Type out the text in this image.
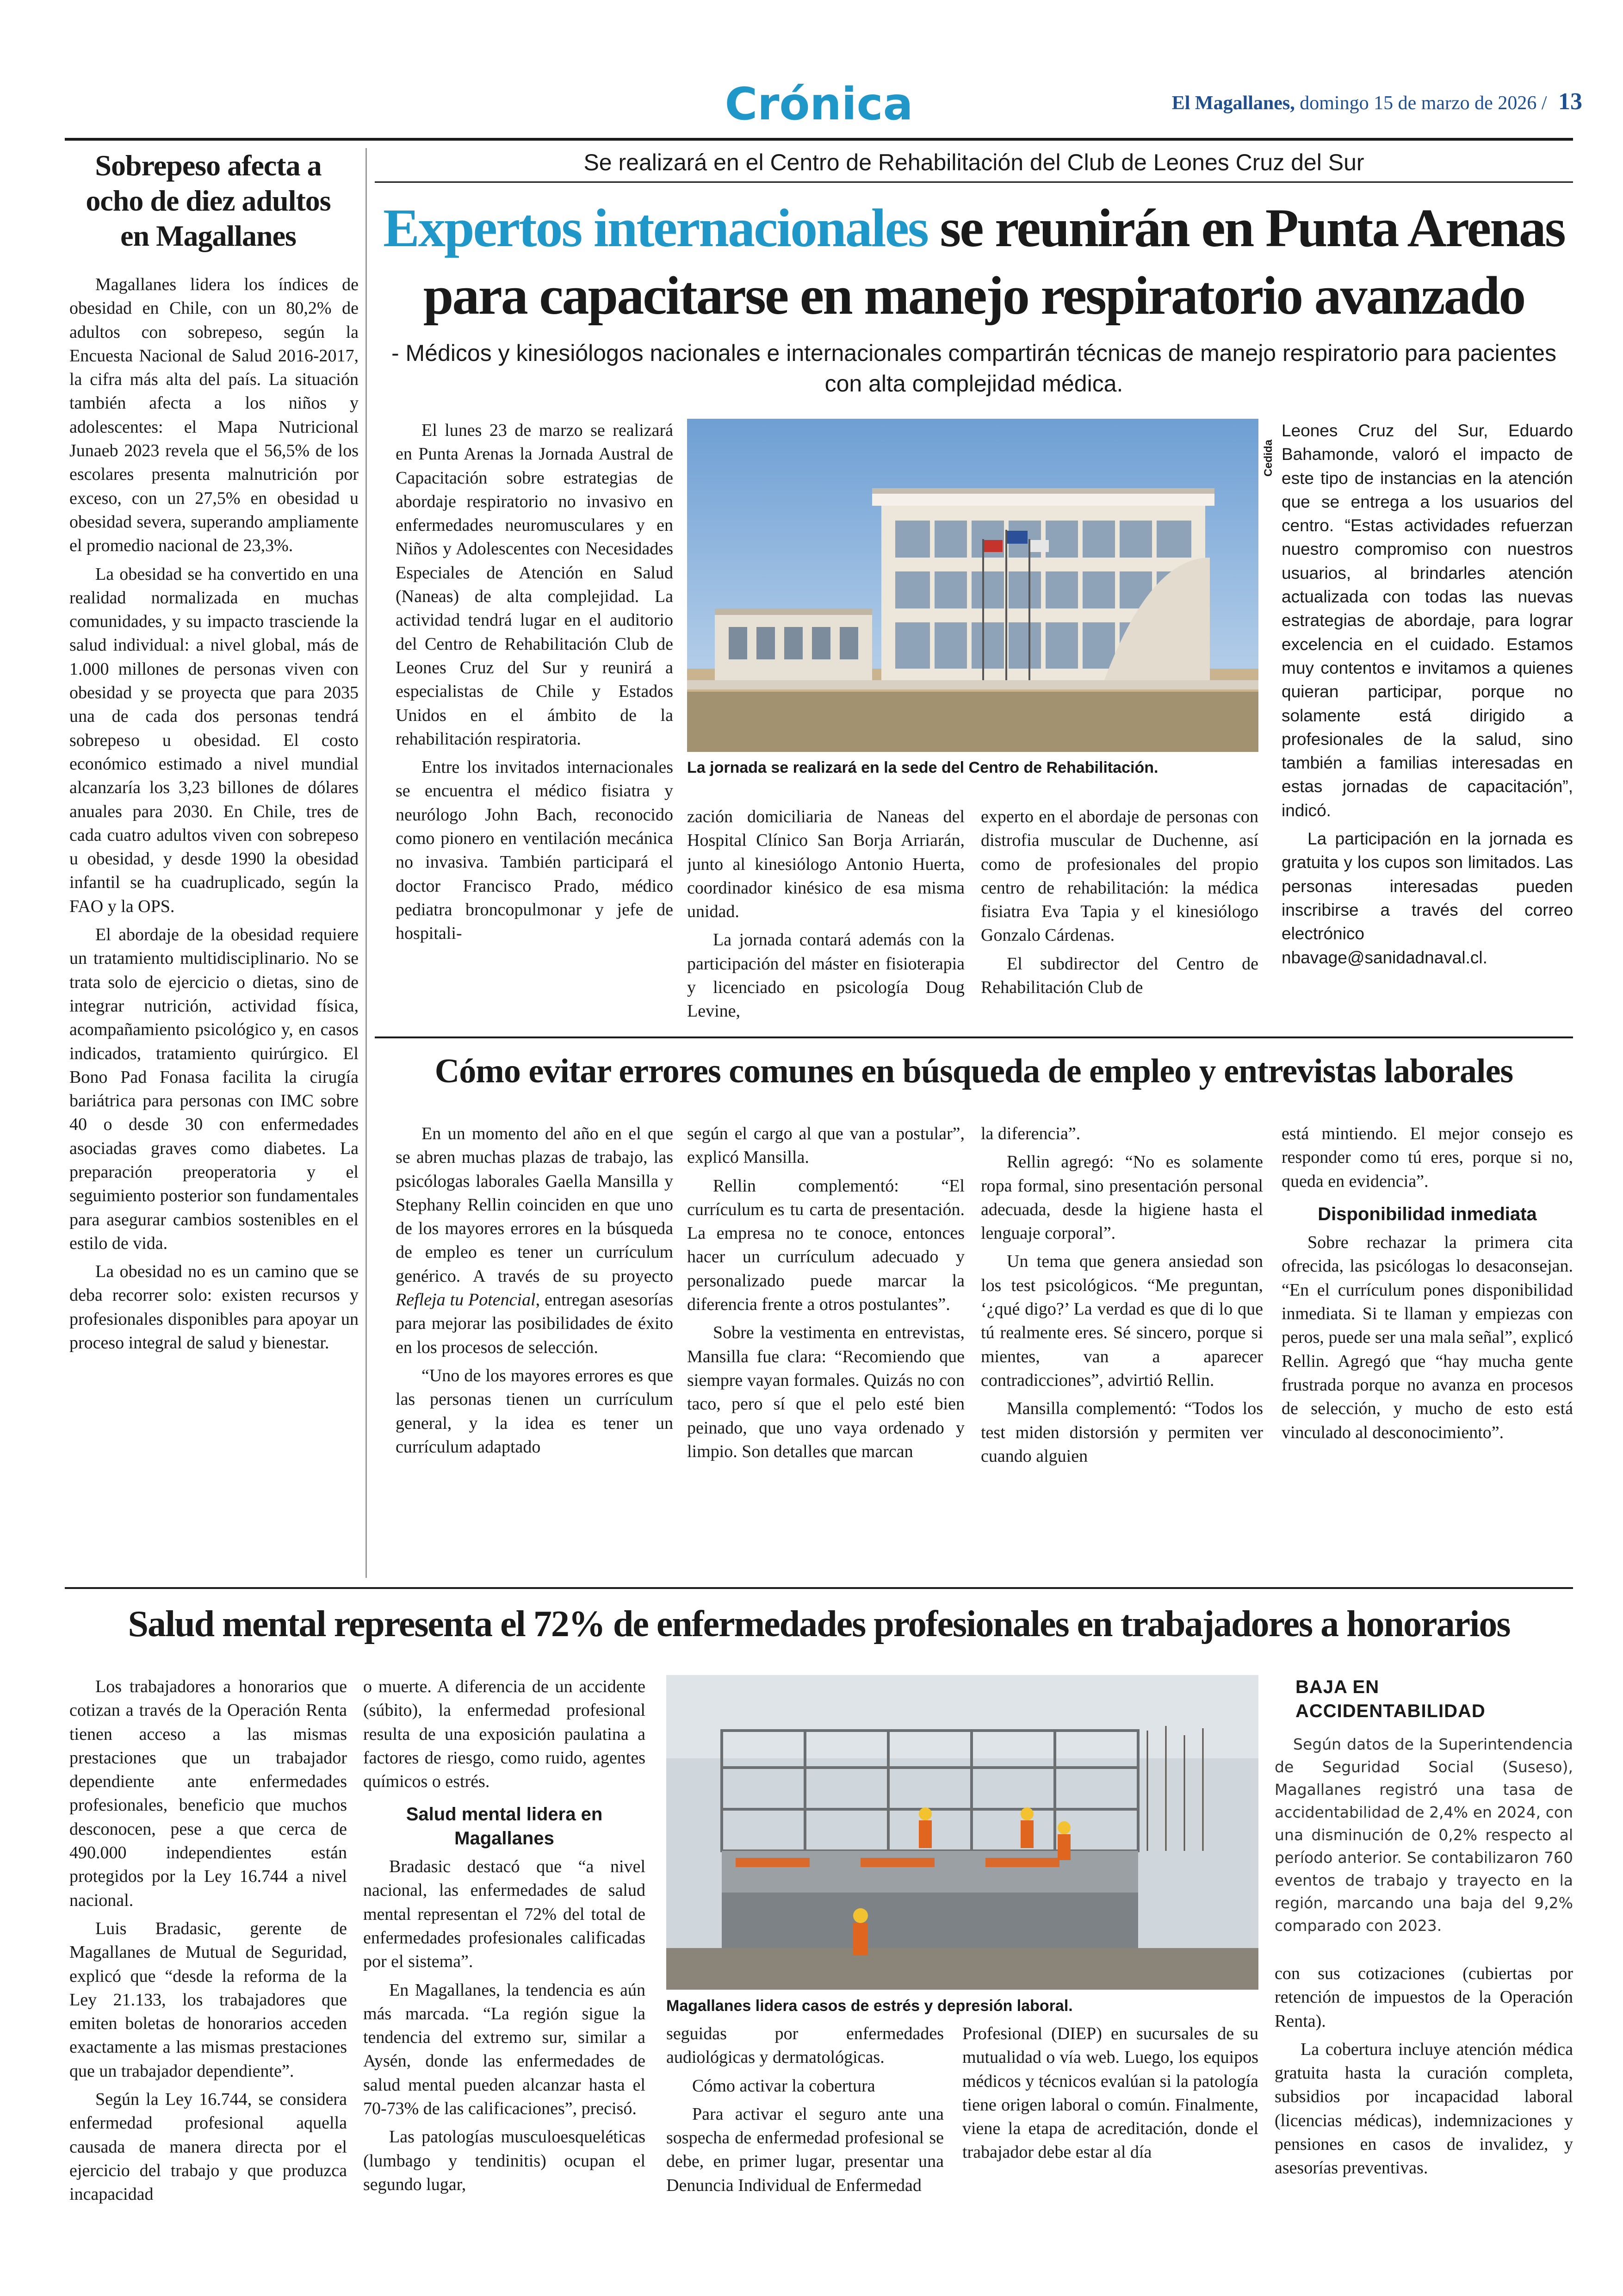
Crónica	El Magallanes, domingo 15 de marzo de 2026 / 13
Sobrepeso afecta a ocho de diez adultos en Magallanes

Magallanes lidera los índices de obesidad en Chile, con un 80,2% de adultos con sobrepeso, según la Encuesta Nacional de Salud 2016-2017, la cifra más alta del país. La situación también afecta a los niños y adolescentes: el Mapa Nutricional Junaeb 2023 revela que el 56,5% de los escolares presenta malnutrición por exceso, con un 27,5% en obesidad u obesidad severa, superando ampliamente el promedio nacional de 23,3%.

La obesidad se ha convertido en una realidad normalizada en muchas comunidades, y su impacto trasciende la salud individual: a nivel global, más de 1.000 millones de personas viven con obesidad y se proyecta que para 2035 una de cada dos personas tendrá sobrepeso u obesidad. El costo económico estimado a nivel mundial alcanzaría los 3,23 billones de dólares anuales para 2030. En Chile, tres de cada cuatro adultos viven con sobrepeso u obesidad, y desde 1990 la obesidad infantil se ha cuadruplicado, según la FAO y la OPS.

El abordaje de la obesidad requiere un tratamiento multidisciplinario. No se trata solo de ejercicio o dietas, sino de integrar nutrición, actividad física, acompañamiento psicológico y, en casos indicados, tratamiento quirúrgico. El Bono Pad Fonasa facilita la cirugía bariátrica para personas con IMC sobre 40 o desde 30 con enfermedades asociadas graves como diabetes. La preparación preoperatoria y el seguimiento posterior son fundamentales para asegurar cambios sostenibles en el estilo de vida.

La obesidad no es un camino que se deba recorrer solo: existen recursos y profesionales disponibles para apoyar un proceso integral de salud y bienestar.

Se realizará en el Centro de Rehabilitación del Club de Leones Cruz del Sur
Expertos internacionales se reunirán en Punta Arenas para capacitarse en manejo respiratorio avanzado
- Médicos y kinesiólogos nacionales e internacionales compartirán técnicas de manejo respiratorio para pacientes con alta complejidad médica.

El lunes 23 de marzo se realizará en Punta Arenas la Jornada Austral de Capacitación sobre estrategias de abordaje respiratorio no invasivo en enfermedades neuromusculares y en Niños y Adolescentes con Necesidades Especiales de Atención en Salud (Naneas) de alta complejidad. La actividad tendrá lugar en el auditorio del Centro de Rehabilitación Club de Leones Cruz del Sur y reunirá a especialistas de Chile y Estados Unidos en el ámbito de la rehabilitación respiratoria.

Entre los invitados internacionales se encuentra el médico fisiatra y neurólogo John Bach, reconocido como pionero en ventilación mecánica no invasiva. También participará el doctor Francisco Prado, médico pediatra broncopulmonar y jefe de hospitali-

Cedida
La jornada se realizará en la sede del Centro de Rehabilitación.

zación domiciliaria de Naneas del Hospital Clínico San Borja Arriarán, junto al kinesiólogo Antonio Huerta, coordinador kinésico de esa misma unidad.

La jornada contará además con la participación del máster en fisioterapia y licenciado en psicología Doug Levine,

experto en el abordaje de personas con distrofia muscular de Duchenne, así como de profesionales del propio centro de rehabilitación: la médica fisiatra Eva Tapia y el kinesiólogo Gonzalo Cárdenas.

El subdirector del Centro de Rehabilitación Club de

Leones Cruz del Sur, Eduardo Bahamonde, valoró el impacto de este tipo de instancias en la atención que se entrega a los usuarios del centro. “Estas actividades refuerzan nuestro compromiso con nuestros usuarios, al brindarles atención actualizada con todas las nuevas estrategias de abordaje, para lograr excelencia en el cuidado. Estamos muy contentos e invitamos a quienes quieran participar, porque no solamente está dirigido a profesionales de la salud, sino también a familias interesadas en estas jornadas de capacitación”, indicó.

La participación en la jornada es gratuita y los cupos son limitados. Las personas interesadas pueden inscribirse a través del correo electrónico nbavage@sanidadnaval.cl.

Cómo evitar errores comunes en búsqueda de empleo y entrevistas laborales

En un momento del año en el que se abren muchas plazas de trabajo, las psicólogas laborales Gaella Mansilla y Stephany Rellin coinciden en que uno de los mayores errores en la búsqueda de empleo es tener un currículum genérico. A través de su proyecto Refleja tu Potencial, entregan asesorías para mejorar las posibilidades de éxito en los procesos de selección.

“Uno de los mayores errores es que las personas tienen un currículum general, y la idea es tener un currículum adaptado

según el cargo al que van a postular”, explicó Mansilla.

Rellin complementó: “El currículum es tu carta de presentación. La empresa no te conoce, entonces hacer un currículum adecuado y personalizado puede marcar la diferencia frente a otros postulantes”.

Sobre la vestimenta en entrevistas, Mansilla fue clara: “Recomiendo que siempre vayan formales. Quizás no con taco, pero sí que el pelo esté bien peinado, que uno vaya ordenado y limpio. Son detalles que marcan

la diferencia”.

Rellin agregó: “No es solamente ropa formal, sino presentación personal adecuada, desde la higiene hasta el lenguaje corporal”.

Un tema que genera ansiedad son los test psicológicos. “Me preguntan, ‘¿qué digo?’ La verdad es que di lo que tú realmente eres. Sé sincero, porque si mientes, van a aparecer contradicciones”, advirtió Rellin.

Mansilla complementó: “Todos los test miden distorsión y permiten ver cuando alguien

está mintiendo. El mejor consejo es responder como tú eres, porque si no, queda en evidencia”.

Disponibilidad inmediata

Sobre rechazar la primera cita ofrecida, las psicólogas lo desaconsejan. “En el currículum pones disponibilidad inmediata. Si te llaman y empiezas con peros, puede ser una mala señal”, explicó Rellin. Agregó que “hay mucha gente frustrada porque no avanza en procesos de selección, y mucho de esto está vinculado al desconocimiento”.

Salud mental representa el 72% de enfermedades profesionales en trabajadores a honorarios

Los trabajadores a honorarios que cotizan a través de la Operación Renta tienen acceso a las mismas prestaciones que un trabajador dependiente ante enfermedades profesionales, beneficio que muchos desconocen, pese a que cerca de 490.000 independientes están protegidos por la Ley 16.744 a nivel nacional.

Luis Bradasic, gerente de Magallanes de Mutual de Seguridad, explicó que “desde la reforma de la Ley 21.133, los trabajadores que emiten boletas de honorarios acceden exactamente a las mismas prestaciones que un trabajador dependiente”.

Según la Ley 16.744, se considera enfermedad profesional aquella causada de manera directa por el ejercicio del trabajo y que produzca incapacidad

o muerte. A diferencia de un accidente (súbito), la enfermedad profesional resulta de una exposición paulatina a factores de riesgo, como ruido, agentes químicos o estrés.

Salud mental lidera en Magallanes

Bradasic destacó que “a nivel nacional, las enfermedades de salud mental representan el 72% del total de enfermedades profesionales calificadas por el sistema”.

En Magallanes, la tendencia es aún más marcada. “La región sigue la tendencia del extremo sur, similar a Aysén, donde las enfermedades de salud mental pueden alcanzar hasta el 70-73% de las calificaciones”, precisó.

Las patologías musculoesqueléticas (lumbago y tendinitis) ocupan el segundo lugar,

Magallanes lidera casos de estrés y depresión laboral.

seguidas por enfermedades audiológicas y dermatológicas.

Cómo activar la cobertura

Para activar el seguro ante una sospecha de enfermedad profesional se debe, en primer lugar, presentar una Denuncia Individual de Enfermedad

Profesional (DIEP) en sucursales de su mutualidad o vía web. Luego, los equipos médicos y técnicos evalúan si la patología tiene origen laboral o común. Finalmente, viene la etapa de acreditación, donde el trabajador debe estar al día

BAJA EN ACCIDENTABILIDAD

Según datos de la Superintendencia de Seguridad Social (Suseso), Magallanes registró una tasa de accidentabilidad de 2,4% en 2024, con una disminución de 0,2% respecto al período anterior. Se contabilizaron 760 eventos de trabajo y trayecto en la región, marcando una baja del 9,2% comparado con 2023.

con sus cotizaciones (cubiertas por retención de impuestos de la Operación Renta).

La cobertura incluye atención médica gratuita hasta la curación completa, subsidios por incapacidad laboral (licencias médicas), indemnizaciones y pensiones en casos de invalidez, y asesorías preventivas.
